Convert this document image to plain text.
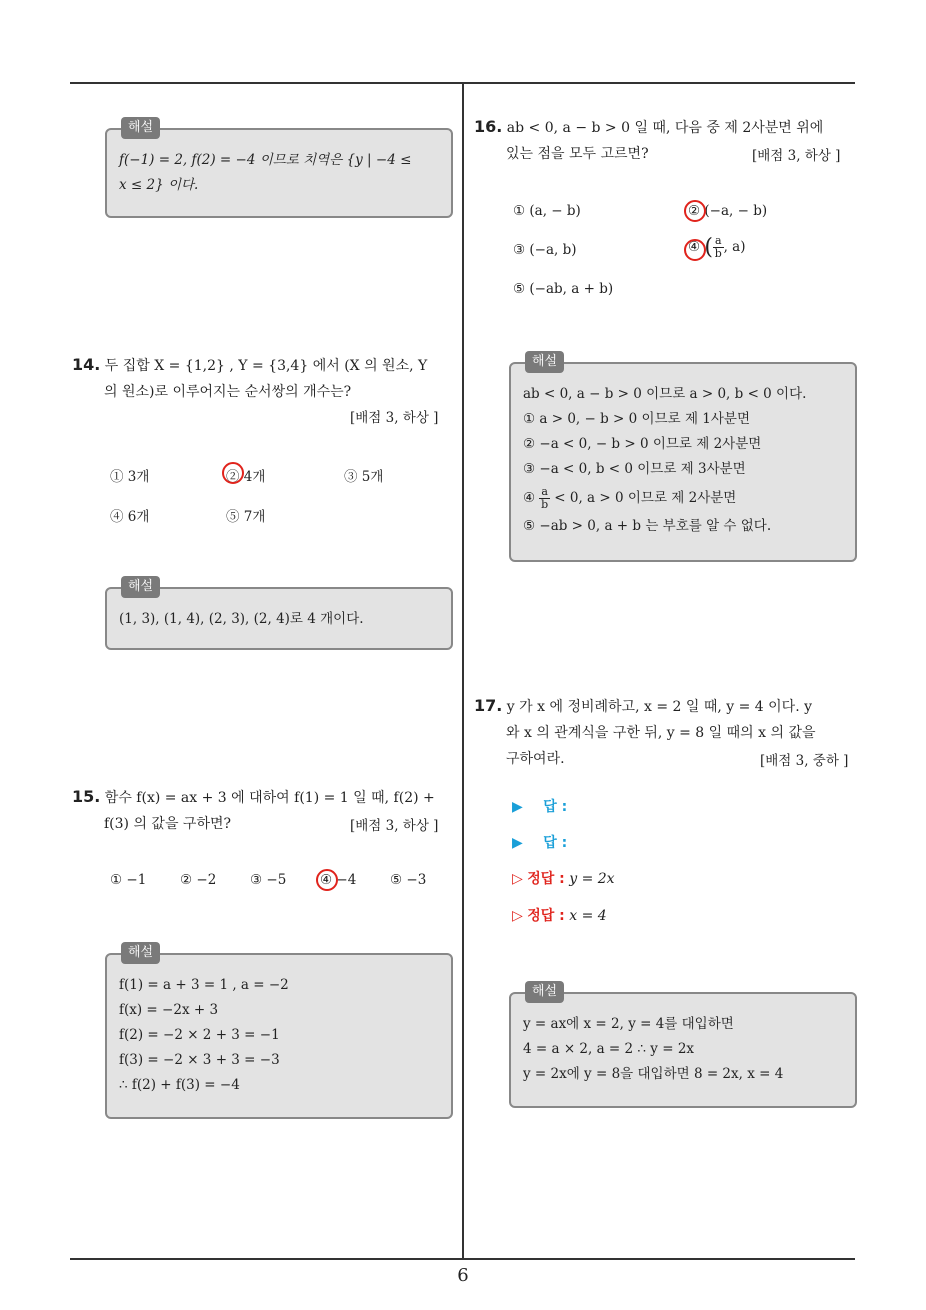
해설
f(−1) = 2, f(2) = −4 이므로 치역은 {y | −4 ≤
x ≤ 2} 이다.
14. 두 집합 X = {1,2} , Y = {3,4} 에서 (X 의 원소, Y
의 원소)로 이루어지는 순서쌍의 개수는?
[배점 3, 하상 ]
① 3개	② 4개	③ 5개
④ 6개	⑤ 7개
해설
(1, 3), (1, 4), (2, 3), (2, 4)로 4 개이다.
15. 함수 f(x) = ax + 3 에 대하여 f(1) = 1 일 때, f(2) +
f(3) 의 값을 구하면?	[배점 3, 하상 ]
① −1 ② −2 ③ −5 ④ −4 ⑤ −3
해설
f(1) = a + 3 = 1 , a = −2
f(x) = −2x + 3
f(2) = −2 × 2 + 3 = −1
f(3) = −2 × 3 + 3 = −3
∴ f(2) + f(3) = −4
16. ab < 0, a − b > 0 일 때, 다음 중 제 2사분면 위에
있는 점을 모두 고르면?	[배점 3, 하상 ]
① (a, − b)	② (−a, − b)
③ (−a, b)	④ ( $\frac{a}{b}$ , a)
⑤ (−ab, a + b)
해설
ab < 0, a − b > 0 이므로 a > 0, b < 0 이다.
① a > 0, − b > 0 이므로 제 1사분면
② −a < 0, − b > 0 이므로 제 2사분면
③ −a < 0, b < 0 이므로 제 3사분면
④ $\frac{a}{b} < 0$, a > 0 이므로 제 2사분면
⑤ −ab > 0, a + b 는 부호를 알 수 없다.
17. y 가 x 에 정비례하고, x = 2 일 때, y = 4 이다. y
와 x 의 관계식을 구한 뒤, y = 8 일 때의 x 의 값을
구하여라.	[배점 3, 중하 ]
▶ 답 :
▶ 답 :
▷ 정답 : y = 2x
▷ 정답 : x = 4
해설
y = ax에 x = 2, y = 4를 대입하면
4 = a × 2, a = 2 ∴ y = 2x
y = 2x에 y = 8을 대입하면 8 = 2x, x = 4
6
